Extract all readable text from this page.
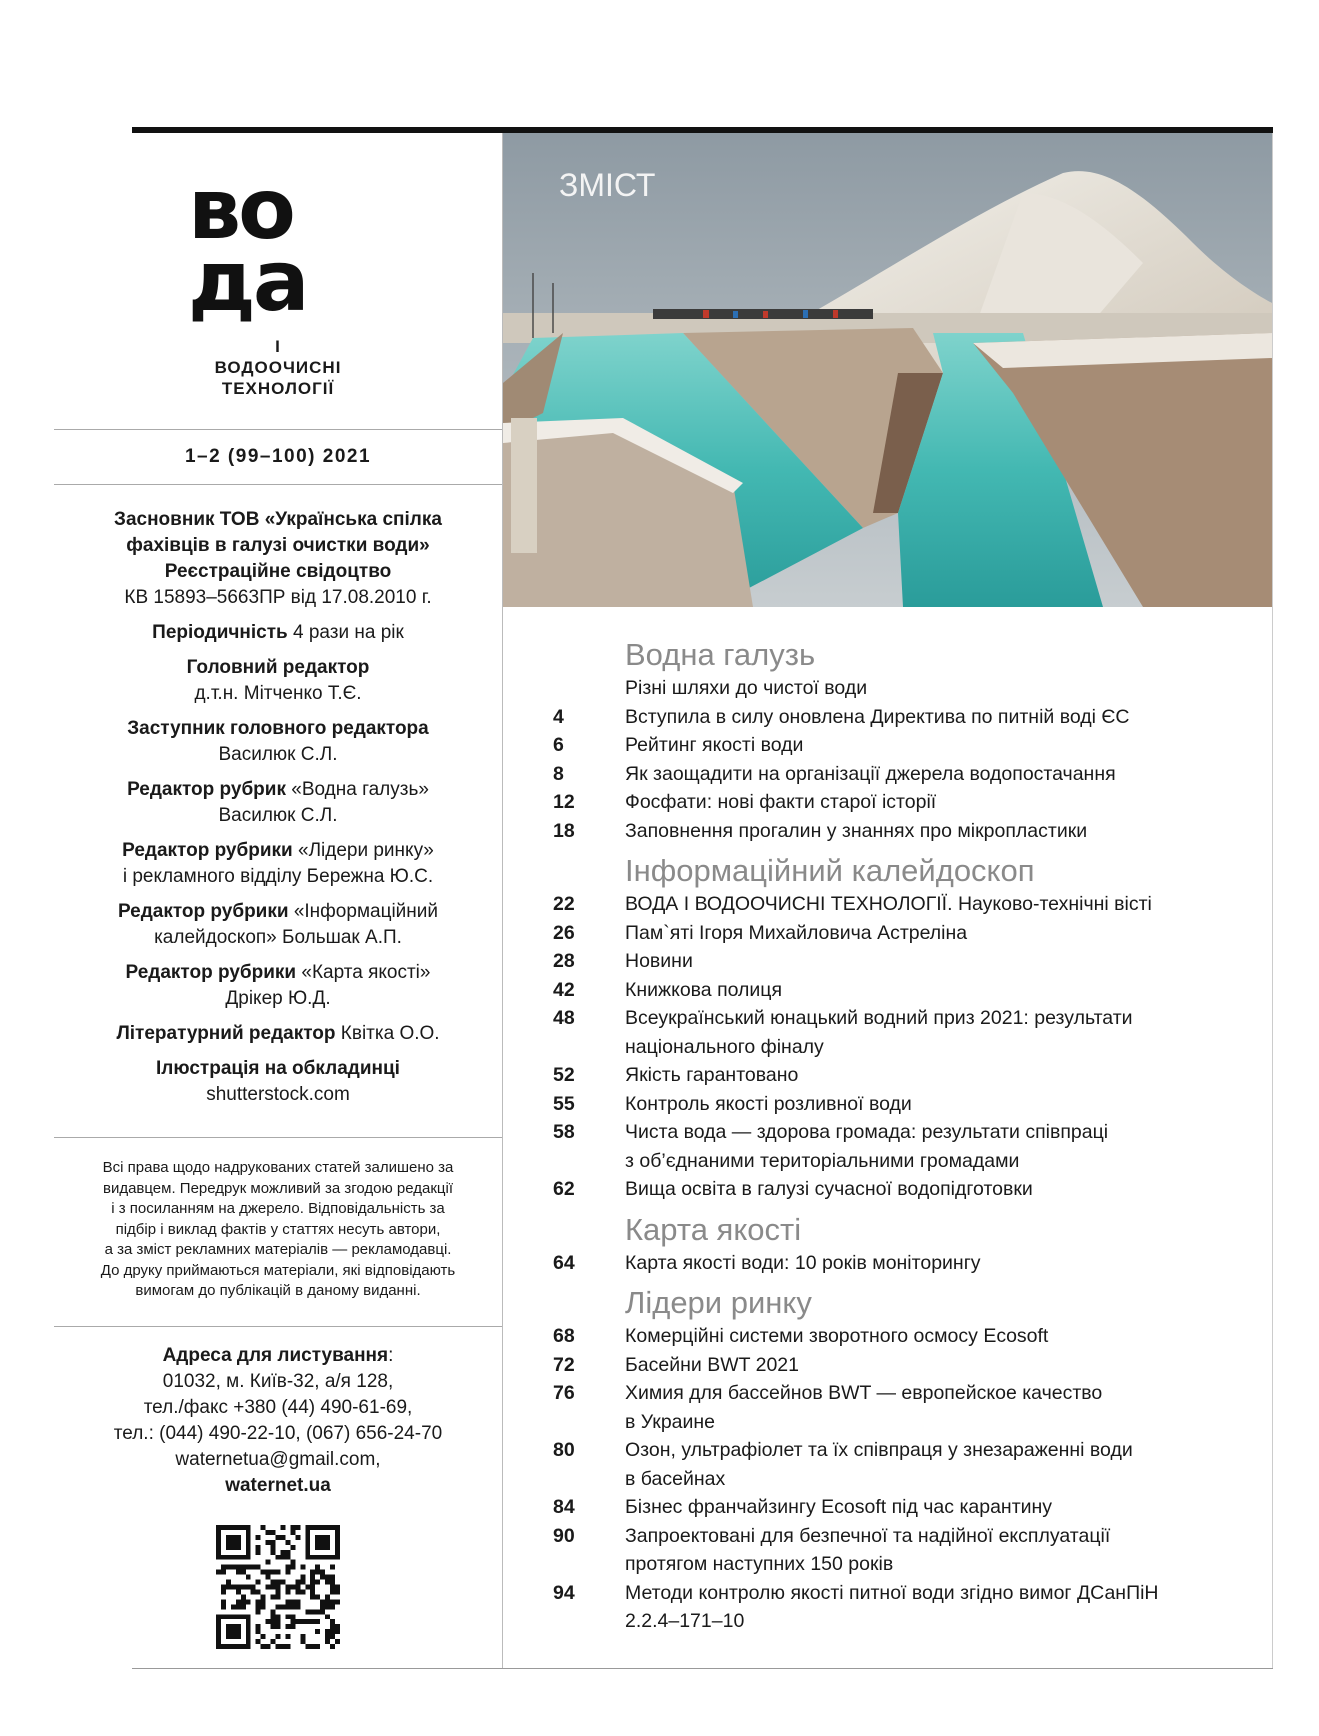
во
да
І
ВОДООЧИСНІ
ТЕХНОЛОГІЇ
1–2 (99–100) 2021
Засновник ТОВ «Українська спілка
фахівців в галузі очистки води»
Реєстраційне свідоцтво
КВ 15893–5663ПР від 17.08.2010 г.
Періодичність 4 рази на рік
Головний редактор
д.т.н. Мітченко Т.Є.
Заступник головного редактора
Василюк С.Л.
Редактор рубрик «Водна галузь»
Василюк С.Л.
Редактор рубрики «Лідери ринку»
і рекламного відділу Бережна Ю.С.
Редактор рубрики «Інформаційний
калейдоскоп» Большак А.П.
Редактор рубрики «Карта якості»
Дрікер Ю.Д.
Літературний редактор Квітка О.О.
Ілюстрація на обкладинці
shutterstock.com
Всі права щодо надрукованих статей залишено за
видавцем. Передрук можливий за згодою редакції
і з посиланням на джерело. Відповідальність за
підбір і виклад фактів у статтях несуть автори,
а за зміст рекламних матеріалів — рекламодавці.
До друку приймаються матеріали, які відповідають
вимогам до публікацій в даному виданні.
Адреса для листування:
01032, м. Київ-32, а/я 128,
тел./факс +380 (44) 490-61-69,
тел.: (044) 490-22-10, (067) 656-24-70
waternetua@gmail.com,
waternet.ua
ЗМІСТ
Водна галузь
Різні шляхи до чистої води
4	Вступила в силу оновлена Директива по питній воді ЄС
6	Рейтинг якості води
8	Як заощадити на організації джерела водопостачання
12	Фосфати: нові факти старої історії
18	Заповнення прогалин у знаннях про мікропластики
Інформаційний калейдоскоп
22	ВОДА І ВОДООЧИСНІ ТЕХНОЛОГІЇ. Науково-технічні вісті
26	Пам`яті Ігоря Михайловича Астреліна
28	Новини
42	Книжкова полиця
48	Всеукраїнський юнацький водний приз 2021: результати
національного фіналу
52	Якість гарантовано
55	Контроль якості розливної води
58	Чиста вода — здорова громада: результати співпраці
з об’єднаними територіальними громадами
62	Вища освіта в галузі сучасної водопідготовки
Карта якості
64	Карта якості води: 10 років моніторингу
Лідери ринку
68	Комерційні системи зворотного осмосу Ecosoft
72	Басейни BWT 2021
76	Химия для бассейнов BWT — европейское качество
в Украине
80	Озон, ультрафіолет та їх співпраця у знезараженні води
в басейнах
84	Бізнес франчайзингу Ecosoft під час карантину
90	Запроектовані для безпечної та надійної експлуатації
протягом наступних 150 років
94	Методи контролю якості питної води згідно вимог ДСанПіН
2.2.4–171–10
